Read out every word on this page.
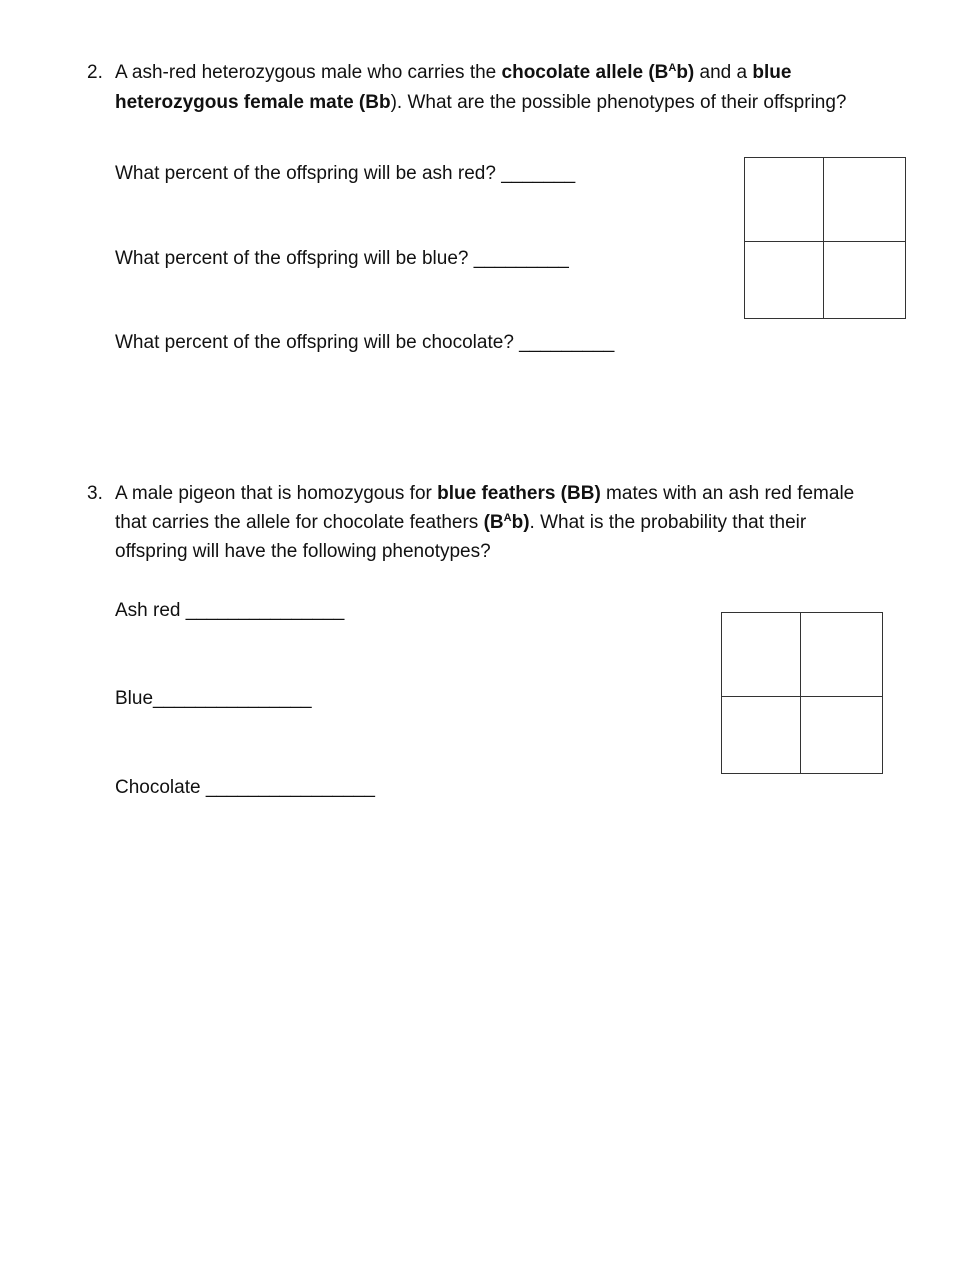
2. A ash-red heterozygous male who carries the chocolate allele $(B^Ab)$ and a blue
heterozygous female mate (Bb). What are the possible phenotypes of their offspring?
What percent of the offspring will be ash red? _______
What percent of the offspring will be blue? _________
What percent of the offspring will be chocolate? _________
3. A male pigeon that is homozygous for blue feathers (BB) mates with an ash red female
that carries the allele for chocolate feathers $(B^Ab)$. What is the probability that their
offspring will have the following phenotypes?
Ash red _______________
Blue_______________
Chocolate ________________
